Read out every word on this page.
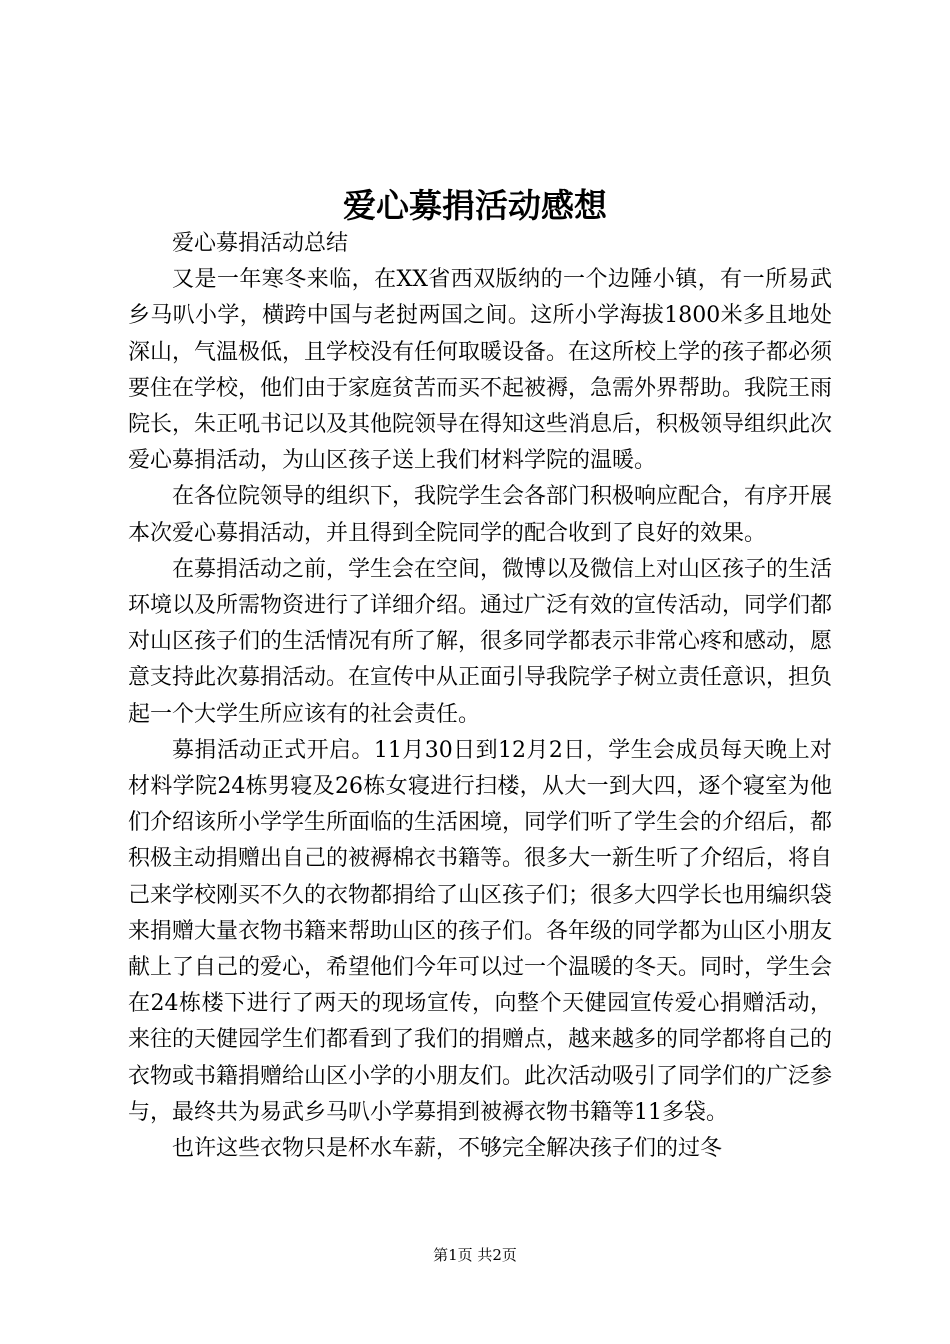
爱心募捐活动感想

爱心募捐活动总结

又是一年寒冬来临，在XX省西双版纳的一个边陲小镇，有一所易武乡马叭小学，横跨中国与老挝两国之间。这所小学海拔1800米多且地处深山，气温极低，且学校没有任何取暖设备。在这所校上学的孩子都必须要住在学校，他们由于家庭贫苦而买不起被褥，急需外界帮助。我院王雨院长，朱正吼书记以及其他院领导在得知这些消息后，积极领导组织此次爱心募捐活动，为山区孩子送上我们材料学院的温暖。

在各位院领导的组织下，我院学生会各部门积极响应配合，有序开展本次爱心募捐活动，并且得到全院同学的配合收到了良好的效果。

在募捐活动之前，学生会在空间，微博以及微信上对山区孩子的生活环境以及所需物资进行了详细介绍。通过广泛有效的宣传活动，同学们都对山区孩子们的生活情况有所了解，很多同学都表示非常心疼和感动，愿意支持此次募捐活动。在宣传中从正面引导我院学子树立责任意识，担负起一个大学生所应该有的社会责任。

募捐活动正式开启。11月30日到12月2日，学生会成员每天晚上对材料学院24栋男寝及26栋女寝进行扫楼，从大一到大四，逐个寝室为他们介绍该所小学学生所面临的生活困境，同学们听了学生会的介绍后，都积极主动捐赠出自己的被褥棉衣书籍等。很多大一新生听了介绍后，将自己来学校刚买不久的衣物都捐给了山区孩子们；很多大四学长也用编织袋来捐赠大量衣物书籍来帮助山区的孩子们。各年级的同学都为山区小朋友献上了自己的爱心，希望他们今年可以过一个温暖的冬天。同时，学生会在24栋楼下进行了两天的现场宣传，向整个天健园宣传爱心捐赠活动，来往的天健园学生们都看到了我们的捐赠点，越来越多的同学都将自己的衣物或书籍捐赠给山区小学的小朋友们。此次活动吸引了同学们的广泛参与，最终共为易武乡马叭小学募捐到被褥衣物书籍等11多袋。

也许这些衣物只是杯水车薪，不够完全解决孩子们的过冬

第1页 共2页
